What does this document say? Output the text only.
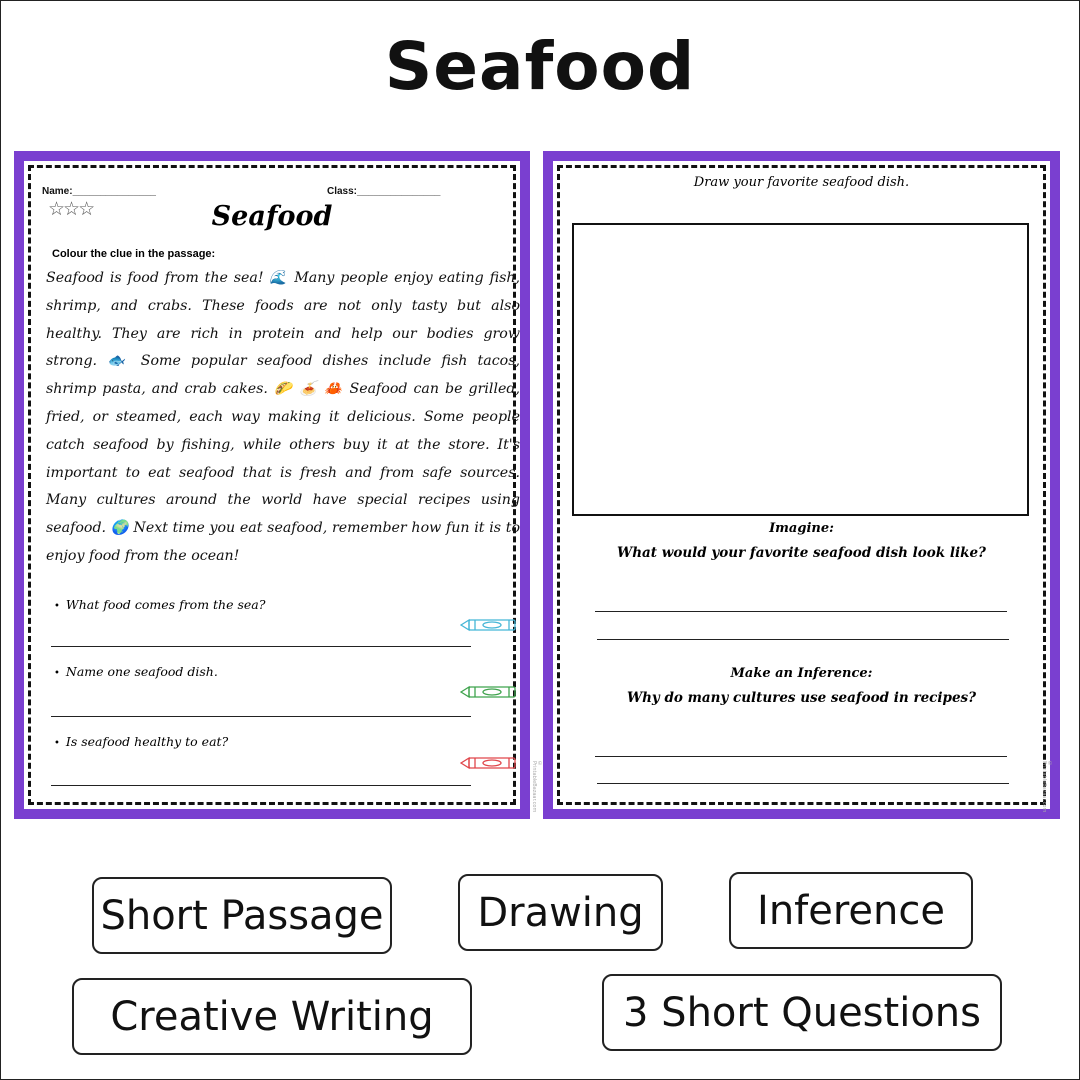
Seafood
Name:_______________	Class:_______________
☆☆☆	Seafood
Colour the clue in the passage:
Seafood is food from the sea! 🌊 Many people enjoy eating fish, shrimp, and crabs. These foods are not only tasty but also healthy. They are rich in protein and help our bodies grow strong. 🐟 Some popular seafood dishes include fish tacos, shrimp pasta, and crab cakes. 🌮 🍝 🦀 Seafood can be grilled, fried, or steamed, each way making it delicious. Some people catch seafood by fishing, while others buy it at the store. It's important to eat seafood that is fresh and from safe sources. Many cultures around the world have special recipes using seafood. 🌍 Next time you eat seafood, remember how fun it is to enjoy food from the ocean!
• What food comes from the sea?
• Name one seafood dish.
• Is seafood healthy to eat?
© PrintableBazaar.com
Draw your favorite seafood dish.
Imagine:
What would your favorite seafood dish look like?
Make an Inference:
Why do many cultures use seafood in recipes?
© PrintableBazaar.com
Short Passage	Drawing	Inference
Creative Writing	3 Short Questions
